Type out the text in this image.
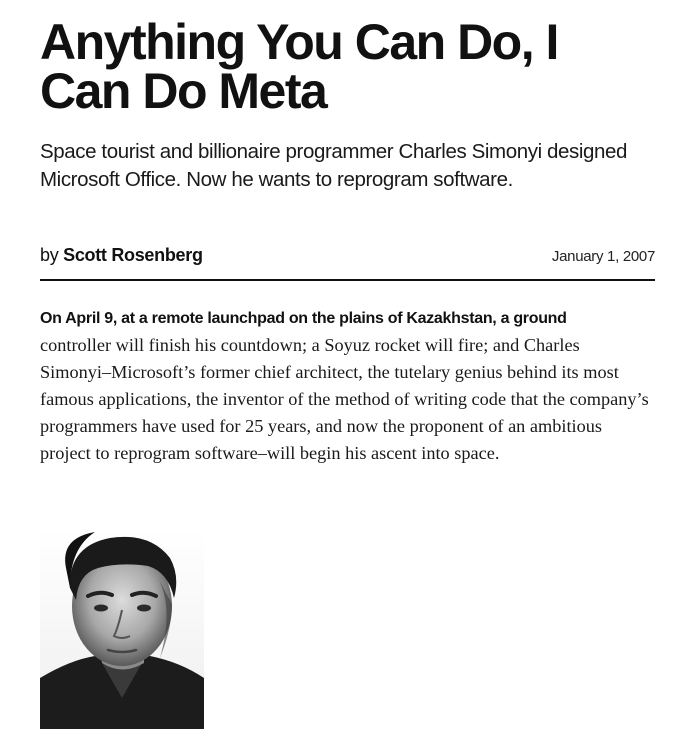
Anything You Can Do, I Can Do Meta

Space tourist and billionaire programmer Charles Simonyi designed Microsoft Office. Now he wants to reprogram software.

by Scott Rosenberg	January 1, 2007

On April 9, at a remote launchpad on the plains of Kazakhstan, a ground
controller will finish his countdown; a Soyuz rocket will fire; and Charles Simonyi–Microsoft’s former chief architect, the tutelary genius behind its most famous applications, the inventor of the method of writing code that the company’s programmers have used for 25 years, and now the proponent of an ambitious project to reprogram software–will begin his ascent into space.
